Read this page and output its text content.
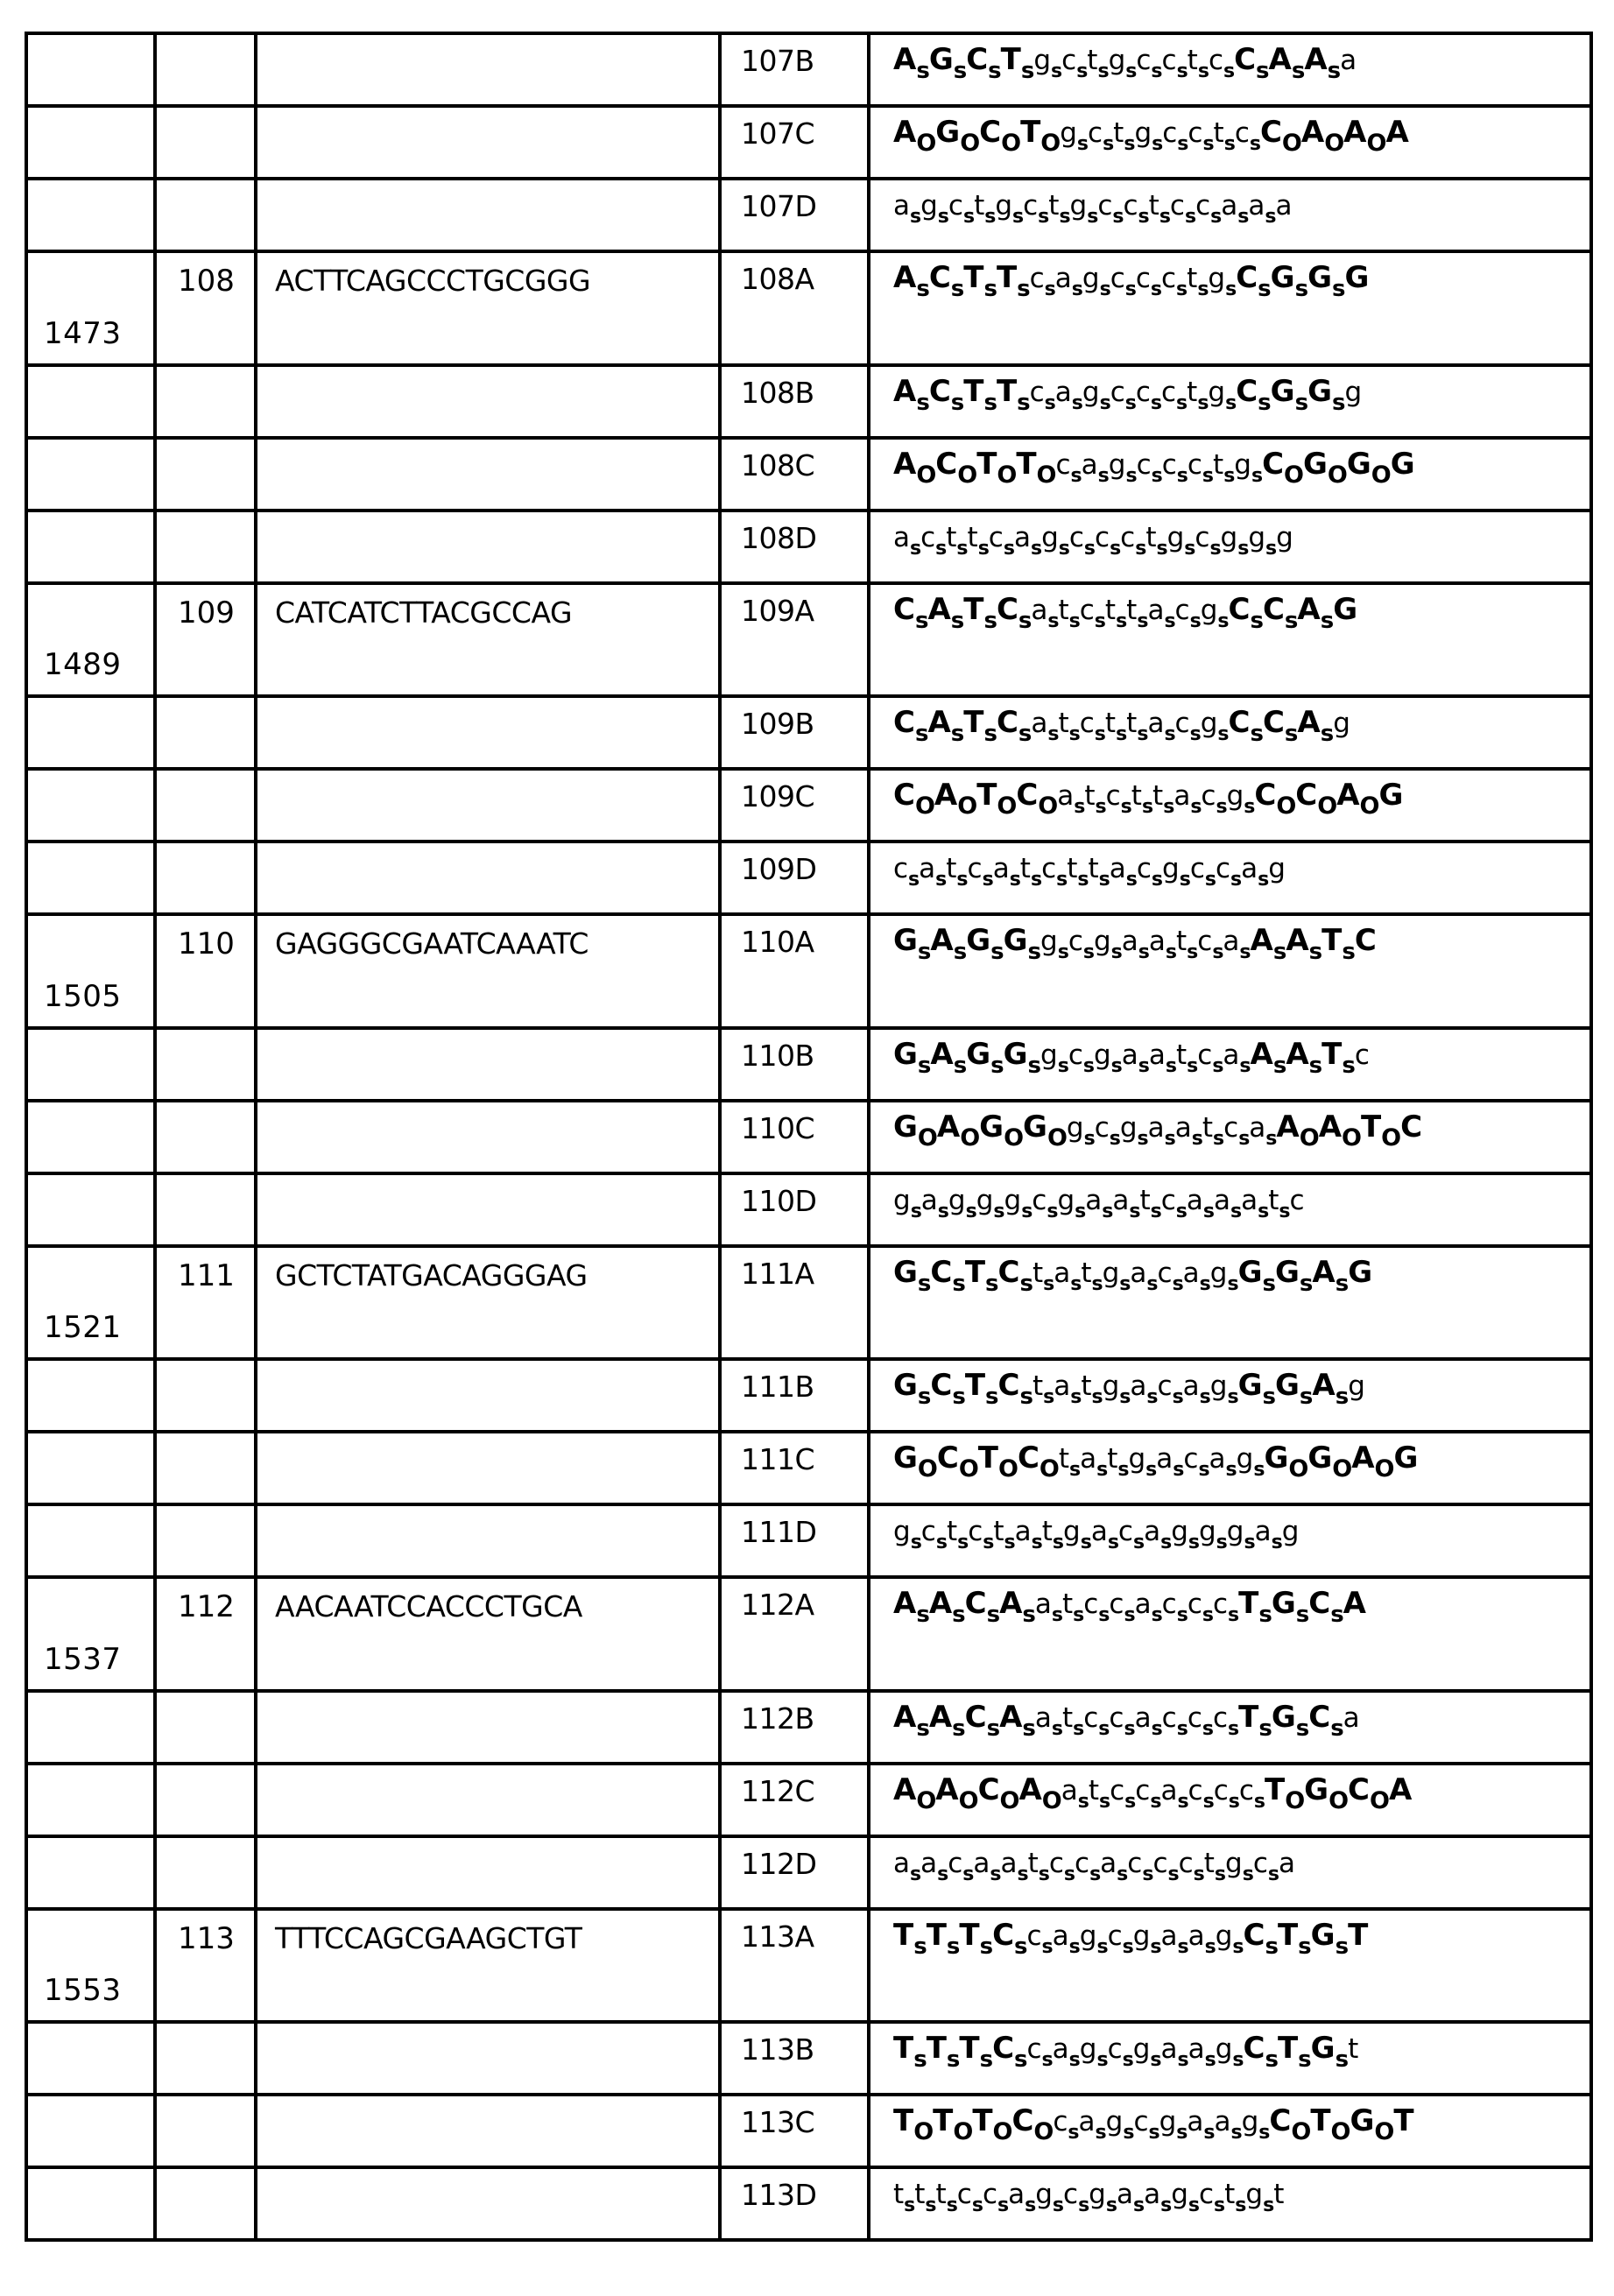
			107B	$A_sG_sC_sT_sg_sc_st_sg_sc_sc_st_sc_sC_sA_sA_sa$

			107C	$A_OG_OC_OT_Og_sc_st_sg_sc_sc_st_sc_sC_OA_OA_OA$

			107D	$a_sg_sc_st_sg_sc_st_sg_sc_sc_st_sc_sc_sa_sa_sa$

1473	108	ACTTCAGCCCTGCGGG	108A	$A_sC_sT_sT_sc_sa_sg_sc_sc_sc_st_sg_sC_sG_sG_sG$

			108B	$A_sC_sT_sT_sc_sa_sg_sc_sc_sc_st_sg_sC_sG_sG_sg$

			108C	$A_OC_OT_OT_Oc_sa_sg_sc_sc_sc_st_sg_sC_OG_OG_OG$

			108D	$a_sc_st_st_sc_sa_sg_sc_sc_sc_st_sg_sc_sg_sg_sg$

1489	109	CATCATCTTACGCCAG	109A	$C_sA_sT_sC_sa_st_sc_st_st_sa_sc_sg_sC_sC_sA_sG$

			109B	$C_sA_sT_sC_sa_st_sc_st_st_sa_sc_sg_sC_sC_sA_sg$

			109C	$C_OA_OT_OC_Oa_st_sc_st_st_sa_sc_sg_sC_OC_OA_OG$

			109D	$c_sa_st_sc_sa_st_sc_st_st_sa_sc_sg_sc_sc_sa_sg$

1505	110	GAGGGCGAATCAAATC	110A	$G_sA_sG_sG_sg_sc_sg_sa_sa_st_sc_sa_sA_sA_sT_sC$

			110B	$G_sA_sG_sG_sg_sc_sg_sa_sa_st_sc_sa_sA_sA_sT_sc$

			110C	$G_OA_OG_OG_Og_sc_sg_sa_sa_st_sc_sa_sA_OA_OT_OC$

			110D	$g_sa_sg_sg_sg_sc_sg_sa_sa_st_sc_sa_sa_sa_st_sc$

1521	111	GCTCTATGACAGGGAG	111A	$G_sC_sT_sC_st_sa_st_sg_sa_sc_sa_sg_sG_sG_sA_sG$

			111B	$G_sC_sT_sC_st_sa_st_sg_sa_sc_sa_sg_sG_sG_sA_sg$

			111C	$G_OC_OT_OC_Ot_sa_st_sg_sa_sc_sa_sg_sG_OG_OA_OG$

			111D	$g_sc_st_sc_st_sa_st_sg_sa_sc_sa_sg_sg_sg_sa_sg$

1537	112	AACAATCCACCCTGCA	112A	$A_sA_sC_sA_sa_st_sc_sc_sa_sc_sc_sc_sT_sG_sC_sA$

			112B	$A_sA_sC_sA_sa_st_sc_sc_sa_sc_sc_sc_sT_sG_sC_sa$

			112C	$A_OA_OC_OA_Oa_st_sc_sc_sa_sc_sc_sc_sT_OG_OC_OA$

			112D	$a_sa_sc_sa_sa_st_sc_sc_sa_sc_sc_sc_st_sg_sc_sa$

1553	113	TTTCCAGCGAAGCTGT	113A	$T_sT_sT_sC_sc_sa_sg_sc_sg_sa_sa_sg_sC_sT_sG_sT$

			113B	$T_sT_sT_sC_sc_sa_sg_sc_sg_sa_sa_sg_sC_sT_sG_st$

			113C	$T_OT_OT_OC_Oc_sa_sg_sc_sg_sa_sa_sg_sC_OT_OG_OT$

			113D	$t_st_st_sc_sc_sa_sg_sc_sg_sa_sa_sg_sc_st_sg_st$
